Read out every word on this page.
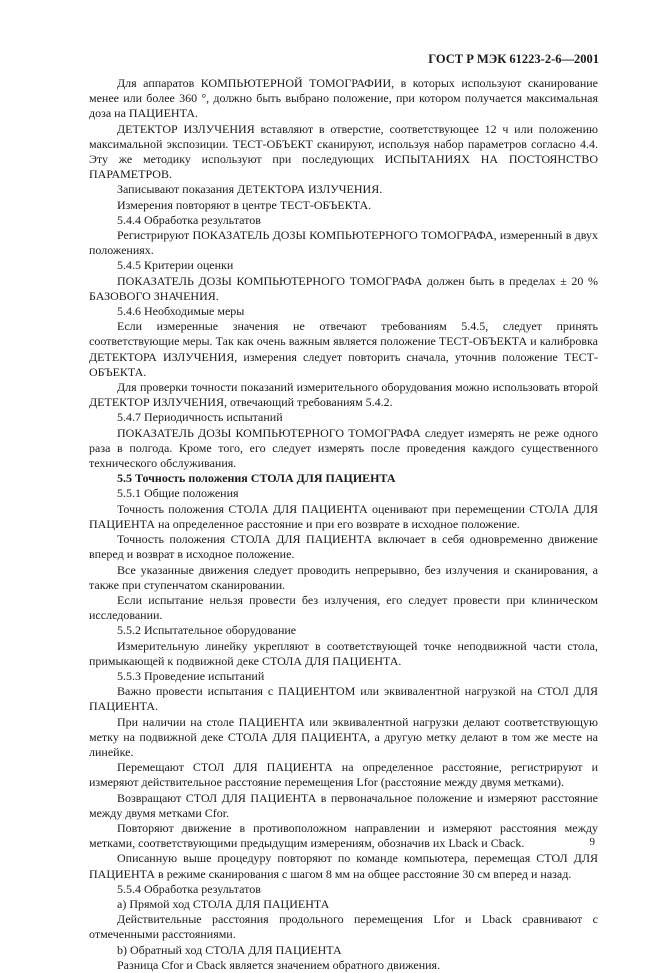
ГОСТ Р МЭК 61223-2-6—2001

Для аппаратов КОМПЬЮТЕРНОЙ ТОМОГРАФИИ, в которых используют сканирование менее или более 360 °, должно быть выбрано положение, при котором получается максимальная доза на ПАЦИЕНТА.

ДЕТЕКТОР ИЗЛУЧЕНИЯ вставляют в отверстие, соответствующее 12 ч или положению максимальной экспозиции. ТЕСТ-ОБЪЕКТ сканируют, используя набор параметров согласно 4.4. Эту же методику используют при последующих ИСПЫТАНИЯХ НА ПОСТОЯНСТВО ПАРАМЕТРОВ.

Записывают показания ДЕТЕКТОРА ИЗЛУЧЕНИЯ.

Измерения повторяют в центре ТЕСТ-ОБЪЕКТА.

5.4.4 Обработка результатов

Регистрируют ПОКАЗАТЕЛЬ ДОЗЫ КОМПЬЮТЕРНОГО ТОМОГРАФА, измеренный в двух положениях.

5.4.5 Критерии оценки

ПОКАЗАТЕЛЬ ДОЗЫ КОМПЬЮТЕРНОГО ТОМОГРАФА должен быть в пределах ± 20 % БАЗОВОГО ЗНАЧЕНИЯ.

5.4.6 Необходимые меры

Если измеренные значения не отвечают требованиям 5.4.5, следует принять соответствующие меры. Так как очень важным является положение ТЕСТ-ОБЪЕКТА и калибровка ДЕТЕКТОРА ИЗЛУЧЕНИЯ, измерения следует повторить сначала, уточнив положение ТЕСТ-ОБЪЕКТА.

Для проверки точности показаний измерительного оборудования можно использовать второй ДЕТЕКТОР ИЗЛУЧЕНИЯ, отвечающий требованиям 5.4.2.

5.4.7 Периодичность испытаний

ПОКАЗАТЕЛЬ ДОЗЫ КОМПЬЮТЕРНОГО ТОМОГРАФА следует измерять не реже одного раза в полгода. Кроме того, его следует измерять после проведения каждого существенного технического обслуживания.

5.5 Точность положения СТОЛА ДЛЯ ПАЦИЕНТА

5.5.1 Общие положения

Точность положения СТОЛА ДЛЯ ПАЦИЕНТА оценивают при перемещении СТОЛА ДЛЯ ПАЦИЕНТА на определенное расстояние и при его возврате в исходное положение.

Точность положения СТОЛА ДЛЯ ПАЦИЕНТА включает в себя одновременно движение вперед и возврат в исходное положение.

Все указанные движения следует проводить непрерывно, без излучения и сканирования, а также при ступенчатом сканировании.

Если испытание нельзя провести без излучения, его следует провести при клиническом исследовании.

5.5.2 Испытательное оборудование

Измерительную линейку укрепляют в соответствующей точке неподвижной части стола, примыкающей к подвижной деке СТОЛА ДЛЯ ПАЦИЕНТА.

5.5.3 Проведение испытаний

Важно провести испытания с ПАЦИЕНТОМ или эквивалентной нагрузкой на СТОЛ ДЛЯ ПАЦИЕНТА.

При наличии на столе ПАЦИЕНТА или эквивалентной нагрузки делают соответствующую метку на подвижной деке СТОЛА ДЛЯ ПАЦИЕНТА, а другую метку делают в том же месте на линейке.

Перемещают СТОЛ ДЛЯ ПАЦИЕНТА на определенное расстояние, регистрируют и измеряют действительное расстояние перемещения Lfor (расстояние между двумя метками).

Возвращают СТОЛ ДЛЯ ПАЦИЕНТА в первоначальное положение и измеряют расстояние между двумя метками Cfor.

Повторяют движение в противоположном направлении и измеряют расстояния между метками, соответствующими предыдущим измерениям, обозначив их Lback и Cback.

Описанную выше процедуру повторяют по команде компьютера, перемещая СТОЛ ДЛЯ ПАЦИЕНТА в режиме сканирования с шагом 8 мм на общее расстояние 30 см вперед и назад.

5.5.4 Обработка результатов

a) Прямой ход СТОЛА ДЛЯ ПАЦИЕНТА

Действительные расстояния продольного перемещения Lfor и Lback сравнивают с отмеченными расстояниями.

b) Обратный ход СТОЛА ДЛЯ ПАЦИЕНТА

Разница Cfor и Cback является значением обратного движения.

9
